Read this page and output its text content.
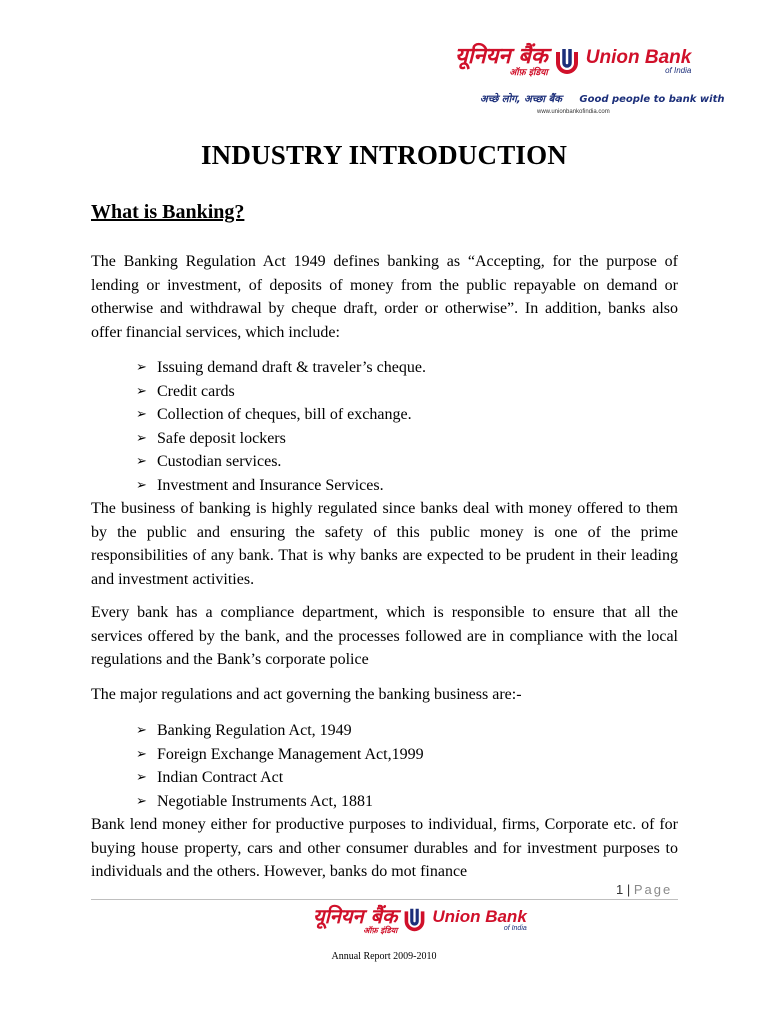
यूनियन बैंक
ऑफ़ इंडिया
Union Bank
of India
अच्छे लोग, अच्छा बैंक Good people to bank with
www.unionbankofindia.com
INDUSTRY INTRODUCTION
What is Banking?

The Banking Regulation Act 1949 defines banking as “Accepting, for the purpose of lending or investment, of deposits of money from the public repayable on demand or otherwise and withdrawal by cheque draft, order or otherwise”. In addition, banks also offer financial services, which include:

➢ Issuing demand draft & traveler’s cheque.
➢ Credit cards
➢ Collection of cheques, bill of exchange.
➢ Safe deposit lockers
➢ Custodian services.
➢ Investment and Insurance Services.

The business of banking is highly regulated since banks deal with money offered to them by the public and ensuring the safety of this public money is one of the prime responsibilities of any bank. That is why banks are expected to be prudent in their leading and investment activities.

Every bank has a compliance department, which is responsible to ensure that all the services offered by the bank, and the processes followed are in compliance with the local regulations and the Bank’s corporate police

The major regulations and act governing the banking business are:-

➢ Banking Regulation Act, 1949
➢ Foreign Exchange Management Act,1999
➢ Indian Contract Act
➢ Negotiable Instruments Act, 1881

Bank lend money either for productive purposes to individual, firms, Corporate etc. of for buying house property, cars and other consumer durables and for investment purposes to individuals and the others. However, banks do mot finance

1 | Page
यूनियन बैंक
ऑफ़ इंडिया
Union Bank
of India
Annual Report 2009-2010
